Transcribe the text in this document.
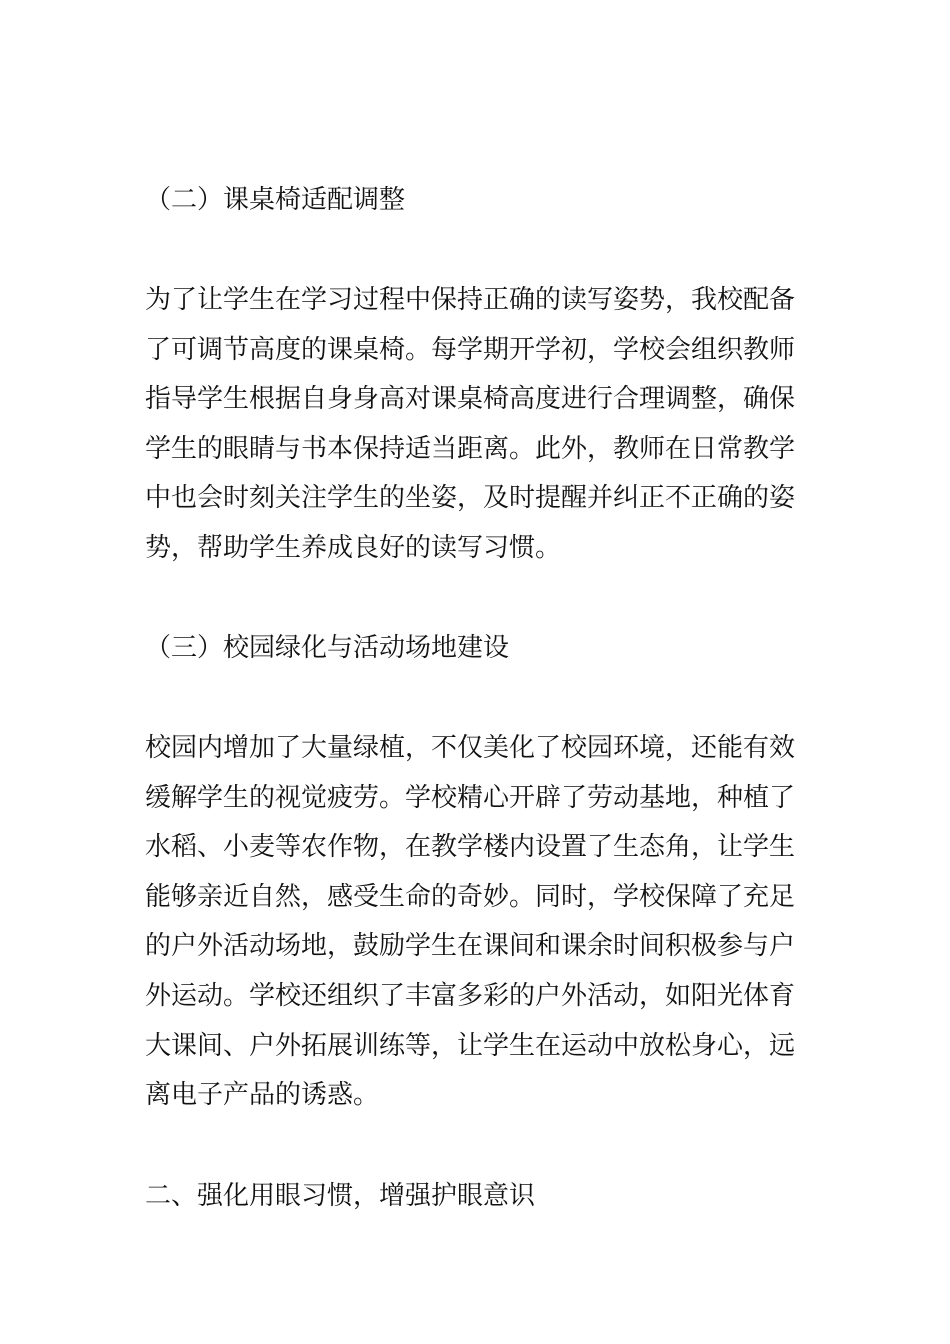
（二）课桌椅适配调整

为了让学生在学习过程中保持正确的读写姿势，我校配备
了可调节高度的课桌椅。每学期开学初，学校会组织教师
指导学生根据自身身高对课桌椅高度进行合理调整，确保
学生的眼睛与书本保持适当距离。此外，教师在日常教学
中也会时刻关注学生的坐姿，及时提醒并纠正不正确的姿
势，帮助学生养成良好的读写习惯。

（三）校园绿化与活动场地建设

校园内增加了大量绿植，不仅美化了校园环境，还能有效
缓解学生的视觉疲劳。学校精心开辟了劳动基地，种植了
水稻、小麦等农作物，在教学楼内设置了生态角，让学生
能够亲近自然，感受生命的奇妙。同时，学校保障了充足
的户外活动场地，鼓励学生在课间和课余时间积极参与户
外运动。学校还组织了丰富多彩的户外活动，如阳光体育
大课间、户外拓展训练等，让学生在运动中放松身心，远
离电子产品的诱惑。

二、强化用眼习惯，增强护眼意识
